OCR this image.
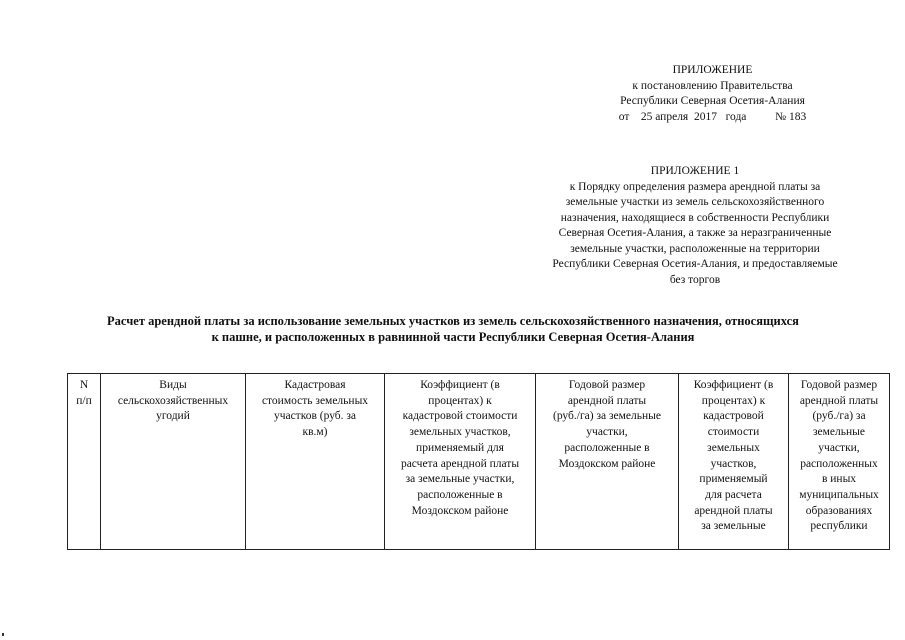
ПРИЛОЖЕНИЕ
к постановлению Правительства
Республики Северная Осетия-Алания
от    25 апреля  2017   года          № 183
ПРИЛОЖЕНИЕ 1
к Порядку определения размера арендной платы за
земельные участки из земель сельскохозяйственного
назначения, находящиеся в собственности Республики
Северная Осетия-Алания, а также за неразграниченные
земельные участки, расположенные на территории
Республики Северная Осетия-Алания, и предоставляемые
без торгов
Расчет арендной платы за использование земельных участков из земель сельскохозяйственного назначения, относящихся
к пашне, и расположенных в равнинной части Республики Северная Осетия-Алания
N
п/п

Виды
сельскохозяйственных
угодий

Кадастровая
стоимость земельных
участков (руб. за
кв.м)

Коэффициент (в
процентах) к
кадастровой стоимости
земельных участков,
применяемый для
расчета арендной платы
за земельные участки,
расположенные в
Моздокском районе

Годовой размер
арендной платы
(руб./га) за земельные
участки,
расположенные в
Моздокском районе

Коэффициент (в
процентах) к
кадастровой
стоимости
земельных
участков,
применяемый
для расчета
арендной платы
за земельные

Годовой размер
арендной платы
(руб./га) за
земельные
участки,
расположенных
в иных
муниципальных
образованиях
республики
